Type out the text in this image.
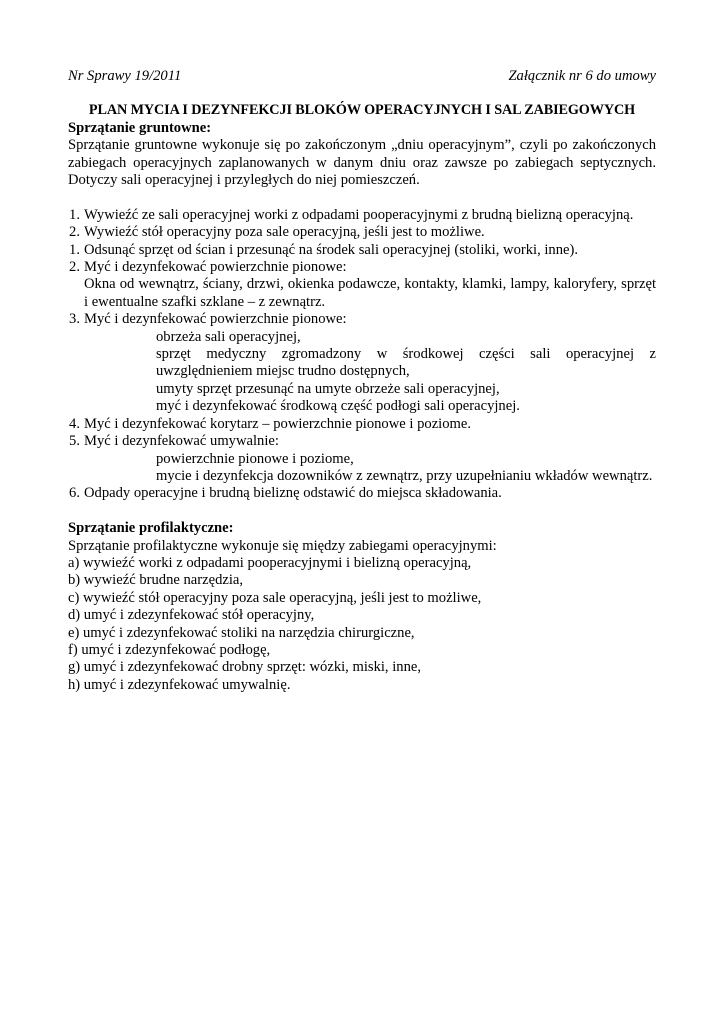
Nr Sprawy 19/2011	Załącznik nr 6 do umowy
PLAN MYCIA I DEZYNFEKCJI BLOKÓW OPERACYJNYCH I SAL ZABIEGOWYCH
Sprzątanie gruntowne:
Sprzątanie gruntowne wykonuje się po zakończonym „dniu operacyjnym”, czyli po zakończonych zabiegach operacyjnych zaplanowanych w danym dniu oraz zawsze po zabiegach septycznych. Dotyczy sali operacyjnej i przyległych do niej pomieszczeń.
1. Wywieźć ze sali operacyjnej worki z odpadami pooperacyjnymi z brudną bielizną operacyjną.
2. Wywieźć stół operacyjny poza sale operacyjną, jeśli jest to możliwe.
1. Odsunąć sprzęt od ścian i przesunąć na środek sali operacyjnej (stoliki, worki, inne).
2. Myć i dezynfekować powierzchnie pionowe:
Okna od wewnątrz, ściany, drzwi, okienka podawcze, kontakty, klamki, lampy, kaloryfery, sprzęt i ewentualne szafki szklane – z zewnątrz.
3. Myć i dezynfekować powierzchnie pionowe:
obrzeża sali operacyjnej,
sprzęt medyczny zgromadzony w środkowej części sali operacyjnej z uwzględnieniem miejsc trudno dostępnych,
umyty sprzęt przesunąć na umyte obrzeże sali operacyjnej,
myć i dezynfekować środkową część podłogi sali operacyjnej.
4. Myć i dezynfekować korytarz – powierzchnie pionowe i poziome.
5. Myć i dezynfekować umywalnie:
powierzchnie pionowe i poziome,
mycie i dezynfekcja dozowników z zewnątrz, przy uzupełnianiu wkładów wewnątrz.
6. Odpady operacyjne i brudną bieliznę odstawić do miejsca składowania.
Sprzątanie profilaktyczne:
Sprzątanie profilaktyczne wykonuje się między zabiegami operacyjnymi:
a) wywieźć worki z odpadami pooperacyjnymi i bielizną operacyjną,
b) wywieźć brudne narzędzia,
c) wywieźć stół operacyjny poza sale operacyjną, jeśli jest to możliwe,
d) umyć i zdezynfekować stół operacyjny,
e) umyć i zdezynfekować stoliki na narzędzia chirurgiczne,
f) umyć i zdezynfekować podłogę,
g) umyć i zdezynfekować drobny sprzęt: wózki, miski, inne,
h) umyć i zdezynfekować umywalnię.
